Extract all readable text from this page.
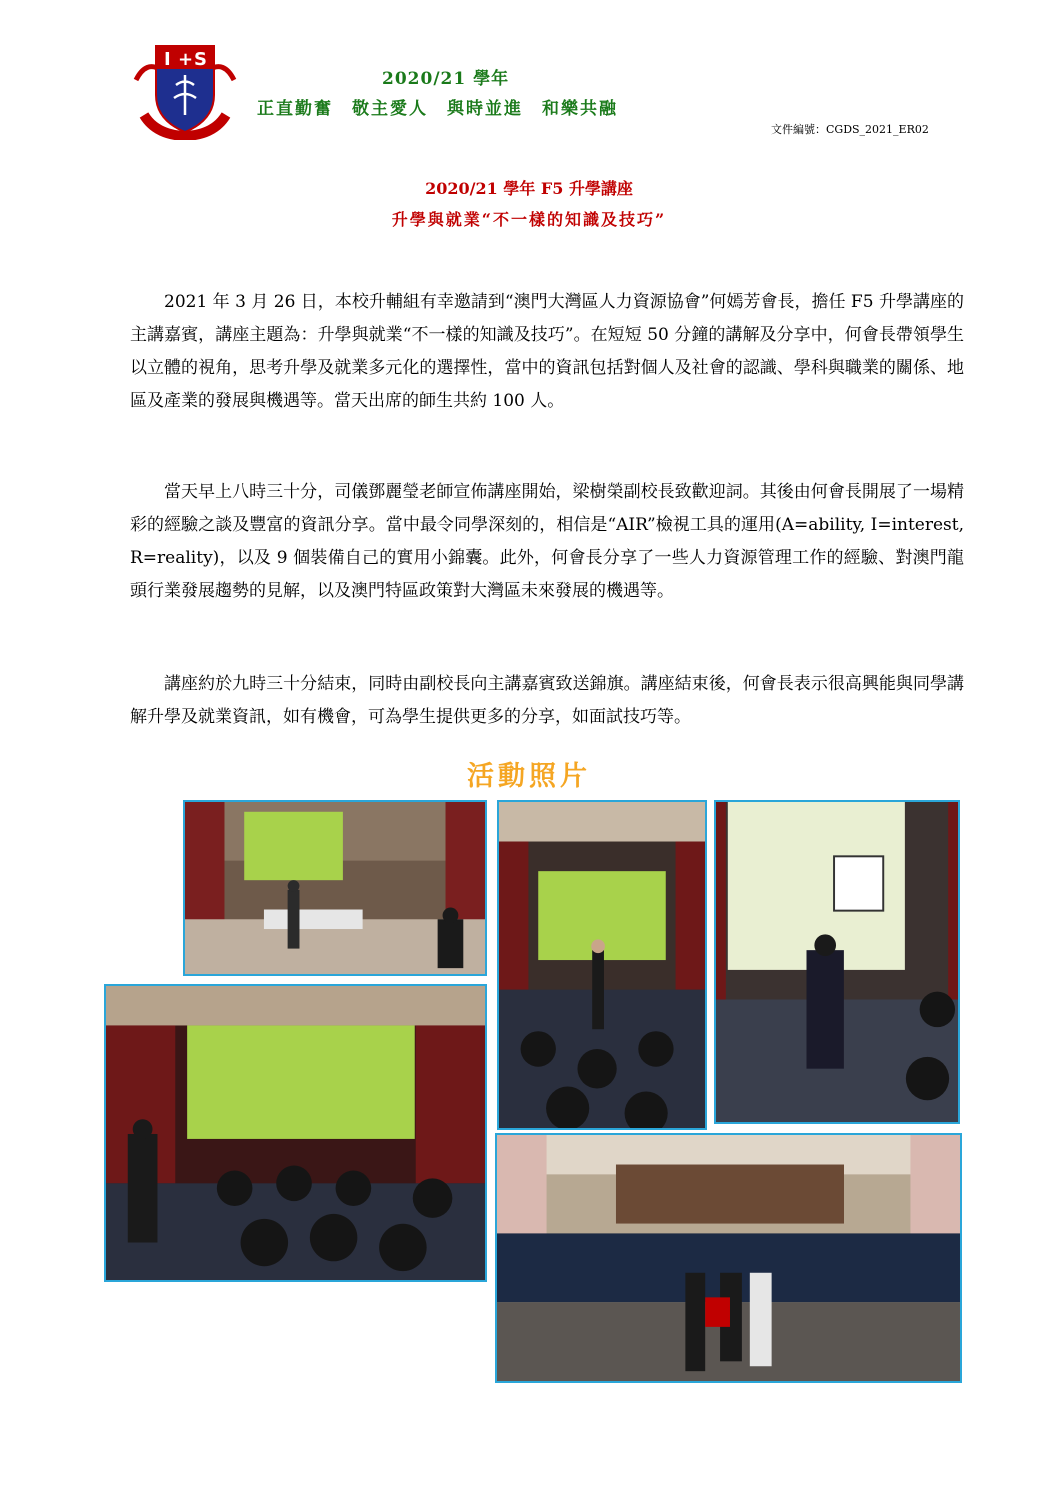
I + S
2020/21 學年
正直勤奮　敬主愛人　與時並進　和樂共融
文件編號：CGDS_2021_ER02
2020/21 學年 F5 升學講座
升學與就業“不一樣的知識及技巧”

2021 年 3 月 26 日，本校升輔組有幸邀請到“澳門大灣區人力資源協會”何嫣芳會長，擔任 F5 升學講座的主講嘉賓，講座主題為：升學與就業“不一樣的知識及技巧”。在短短 50 分鐘的講解及分享中，何會長帶領學生以立體的視角，思考升學及就業多元化的選擇性，當中的資訊包括對個人及社會的認識、學科與職業的關係、地區及產業的發展與機遇等。當天出席的師生共約 100 人。

當天早上八時三十分，司儀鄧麗瑩老師宣佈講座開始，梁樹榮副校長致歡迎詞。其後由何會長開展了一場精彩的經驗之談及豐富的資訊分享。當中最令同學深刻的，相信是“AIR”檢視工具的運用(A=ability, I=interest, R=reality)，以及 9 個裝備自己的實用小錦囊。此外，何會長分享了一些人力資源管理工作的經驗、對澳門龍頭行業發展趨勢的見解，以及澳門特區政策對大灣區未來發展的機遇等。

講座約於九時三十分結束，同時由副校長向主講嘉賓致送錦旗。講座結束後，何會長表示很高興能與同學講解升學及就業資訊，如有機會，可為學生提供更多的分享，如面試技巧等。

活動照片
